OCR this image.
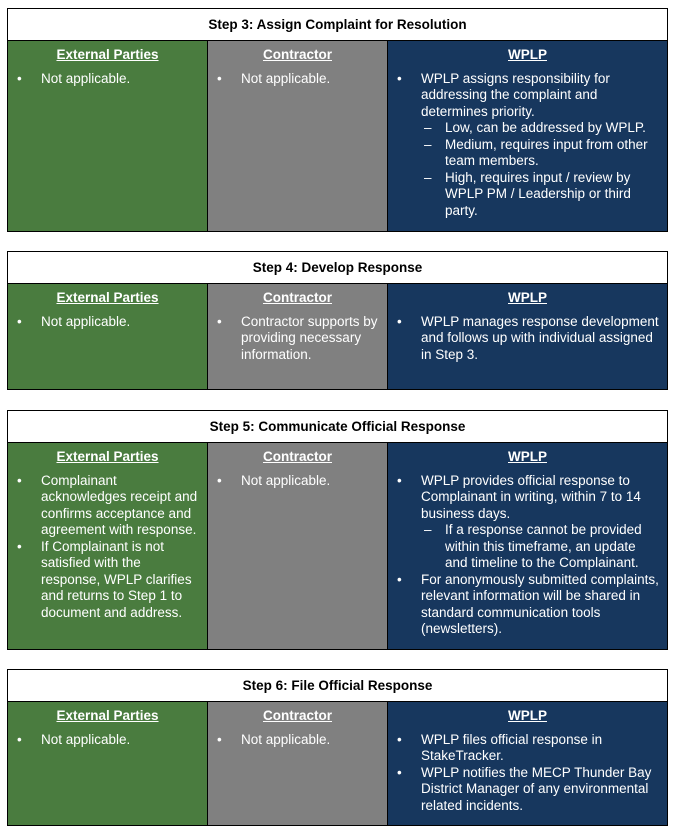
Step 3: Assign Complaint for Resolution
External Parties
• Not applicable.
Contractor
• Not applicable.
WPLP
• WPLP assigns responsibility for addressing the complaint and determines priority.
– Low, can be addressed by WPLP.
– Medium, requires input from other team members.
– High, requires input / review by WPLP PM / Leadership or third party.
Step 4: Develop Response
External Parties
• Not applicable.
Contractor
• Contractor supports by providing necessary information.
WPLP
• WPLP manages response development and follows up with individual assigned in Step 3.
Step 5: Communicate Official Response
External Parties
• Complainant acknowledges receipt and confirms acceptance and agreement with response.
• If Complainant is not satisfied with the response, WPLP clarifies and returns to Step 1 to document and address.
Contractor
• Not applicable.
WPLP
• WPLP provides official response to Complainant in writing, within 7 to 14 business days.
– If a response cannot be provided within this timeframe, an update and timeline to the Complainant.
• For anonymously submitted complaints, relevant information will be shared in standard communication tools (newsletters).
Step 6: File Official Response
External Parties
• Not applicable.
Contractor
• Not applicable.
WPLP
• WPLP files official response in StakeTracker.
• WPLP notifies the MECP Thunder Bay District Manager of any environmental related incidents.
